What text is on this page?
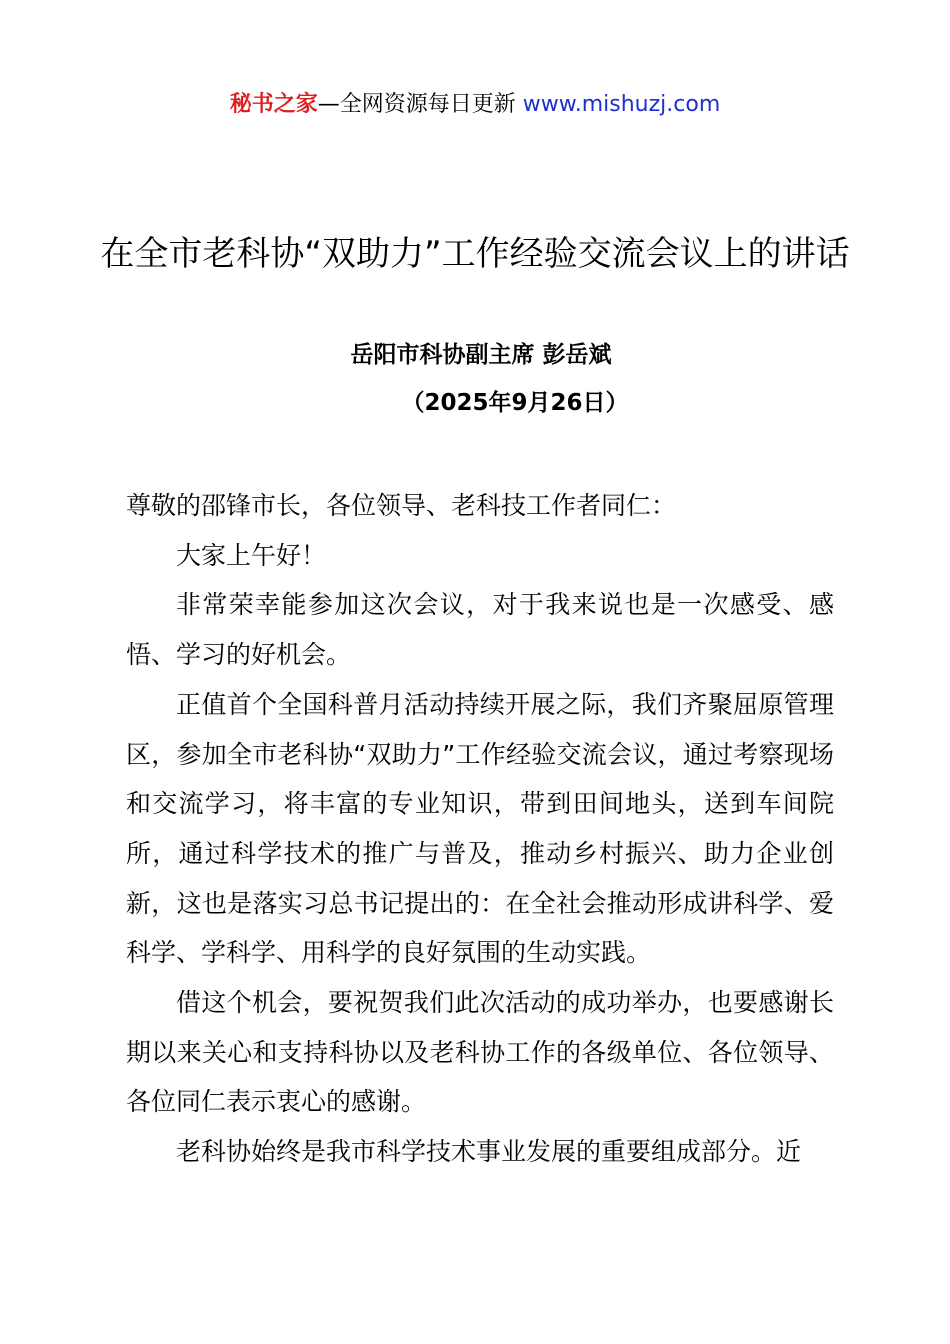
秘书之家—全网资源每日更新 www.mishuzj.com
在全市老科协“双助力”工作经验交流会议上的讲话
岳阳市科协副主席 彭岳斌
（2025年9月26日）

尊敬的邵锋市长，各位领导、老科技工作者同仁：

大家上午好！

非常荣幸能参加这次会议，对于我来说也是一次感受、感悟、学习的好机会。

正值首个全国科普月活动持续开展之际，我们齐聚屈原管理区，参加全市老科协“双助力”工作经验交流会议，通过考察现场和交流学习，将丰富的专业知识，带到田间地头，送到车间院所，通过科学技术的推广与普及，推动乡村振兴、助力企业创新，这也是落实习总书记提出的：在全社会推动形成讲科学、爱科学、学科学、用科学的良好氛围的生动实践。

借这个机会，要祝贺我们此次活动的成功举办，也要感谢长期以来关心和支持科协以及老科协工作的各级单位、各位领导、各位同仁表示衷心的感谢。

老科协始终是我市科学技术事业发展的重要组成部分。近
